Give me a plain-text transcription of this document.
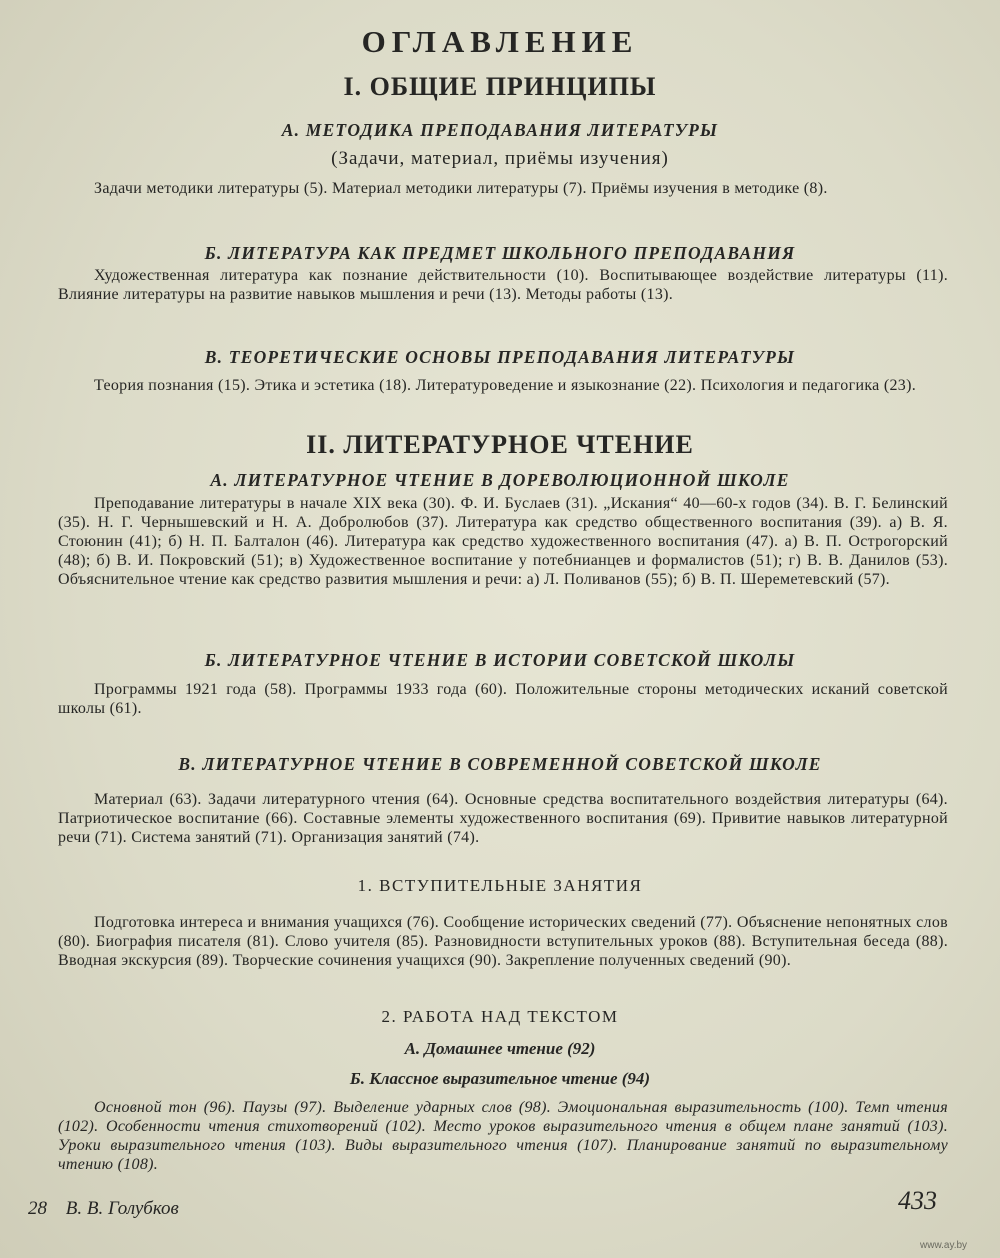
ОГЛАВЛЕНИЕ
I. ОБЩИЕ ПРИНЦИПЫ
А. МЕТОДИКА ПРЕПОДАВАНИЯ ЛИТЕРАТУРЫ
(Задачи, материал, приёмы изучения)
Задачи методики литературы (5). Материал методики литературы (7). Приёмы изучения в методике (8).
Б. ЛИТЕРАТУРА КАК ПРЕДМЕТ ШКОЛЬНОГО ПРЕПОДАВАНИЯ
Художественная литература как познание действительности (10). Воспитывающее воздействие литературы (11). Влияние литературы на развитие навыков мышления и речи (13). Методы работы (13).
В. ТЕОРЕТИЧЕСКИЕ ОСНОВЫ ПРЕПОДАВАНИЯ ЛИТЕРАТУРЫ
Теория познания (15). Этика и эстетика (18). Литературоведение и языкознание (22). Психология и педагогика (23).
II. ЛИТЕРАТУРНОЕ ЧТЕНИЕ
А. ЛИТЕРАТУРНОЕ ЧТЕНИЕ В ДОРЕВОЛЮЦИОННОЙ ШКОЛЕ
Преподавание литературы в начале XIX века (30). Ф. И. Буслаев (31). „Искания“ 40—60-х годов (34). В. Г. Белинский (35). Н. Г. Чернышевский и Н. А. Добролюбов (37). Литература как средство общественного воспитания (39). а) В. Я. Стоюнин (41); б) Н. П. Балталон (46). Литература как средство художественного воспитания (47). а) В. П. Острогорский (48); б) В. И. Покровский (51); в) Художественное воспитание у потебнианцев и формалистов (51); г) В. В. Данилов (53). Объяснительное чтение как средство развития мышления и речи: а) Л. Поливанов (55); б) В. П. Шереметевский (57).
Б. ЛИТЕРАТУРНОЕ ЧТЕНИЕ В ИСТОРИИ СОВЕТСКОЙ ШКОЛЫ
Программы 1921 года (58). Программы 1933 года (60). Положительные стороны методических исканий советской школы (61).
В. ЛИТЕРАТУРНОЕ ЧТЕНИЕ В СОВРЕМЕННОЙ СОВЕТСКОЙ ШКОЛЕ
Материал (63). Задачи литературного чтения (64). Основные средства воспитательного воздействия литературы (64). Патриотическое воспитание (66). Составные элементы художественного воспитания (69). Привитие навыков литературной речи (71). Система занятий (71). Организация занятий (74).
1. ВСТУПИТЕЛЬНЫЕ ЗАНЯТИЯ
Подготовка интереса и внимания учащихся (76). Сообщение исторических сведений (77). Объяснение непонятных слов (80). Биография писателя (81). Слово учителя (85). Разновидности вступительных уроков (88). Вступительная беседа (88). Вводная экскурсия (89). Творческие сочинения учащихся (90). Закрепление полученных сведений (90).
2. РАБОТА НАД ТЕКСТОМ
А. Домашнее чтение (92)
Б. Классное выразительное чтение (94)
Основной тон (96). Паузы (97). Выделение ударных слов (98). Эмоциональная выразительность (100). Темп чтения (102). Особенности чтения стихотворений (102). Место уроков выразительного чтения в общем плане занятий (103). Уроки выразительного чтения (103). Виды выразительного чтения (107). Планирование занятий по выразительному чтению (108).
28 В. В. Голубков	433
www.ay.by
